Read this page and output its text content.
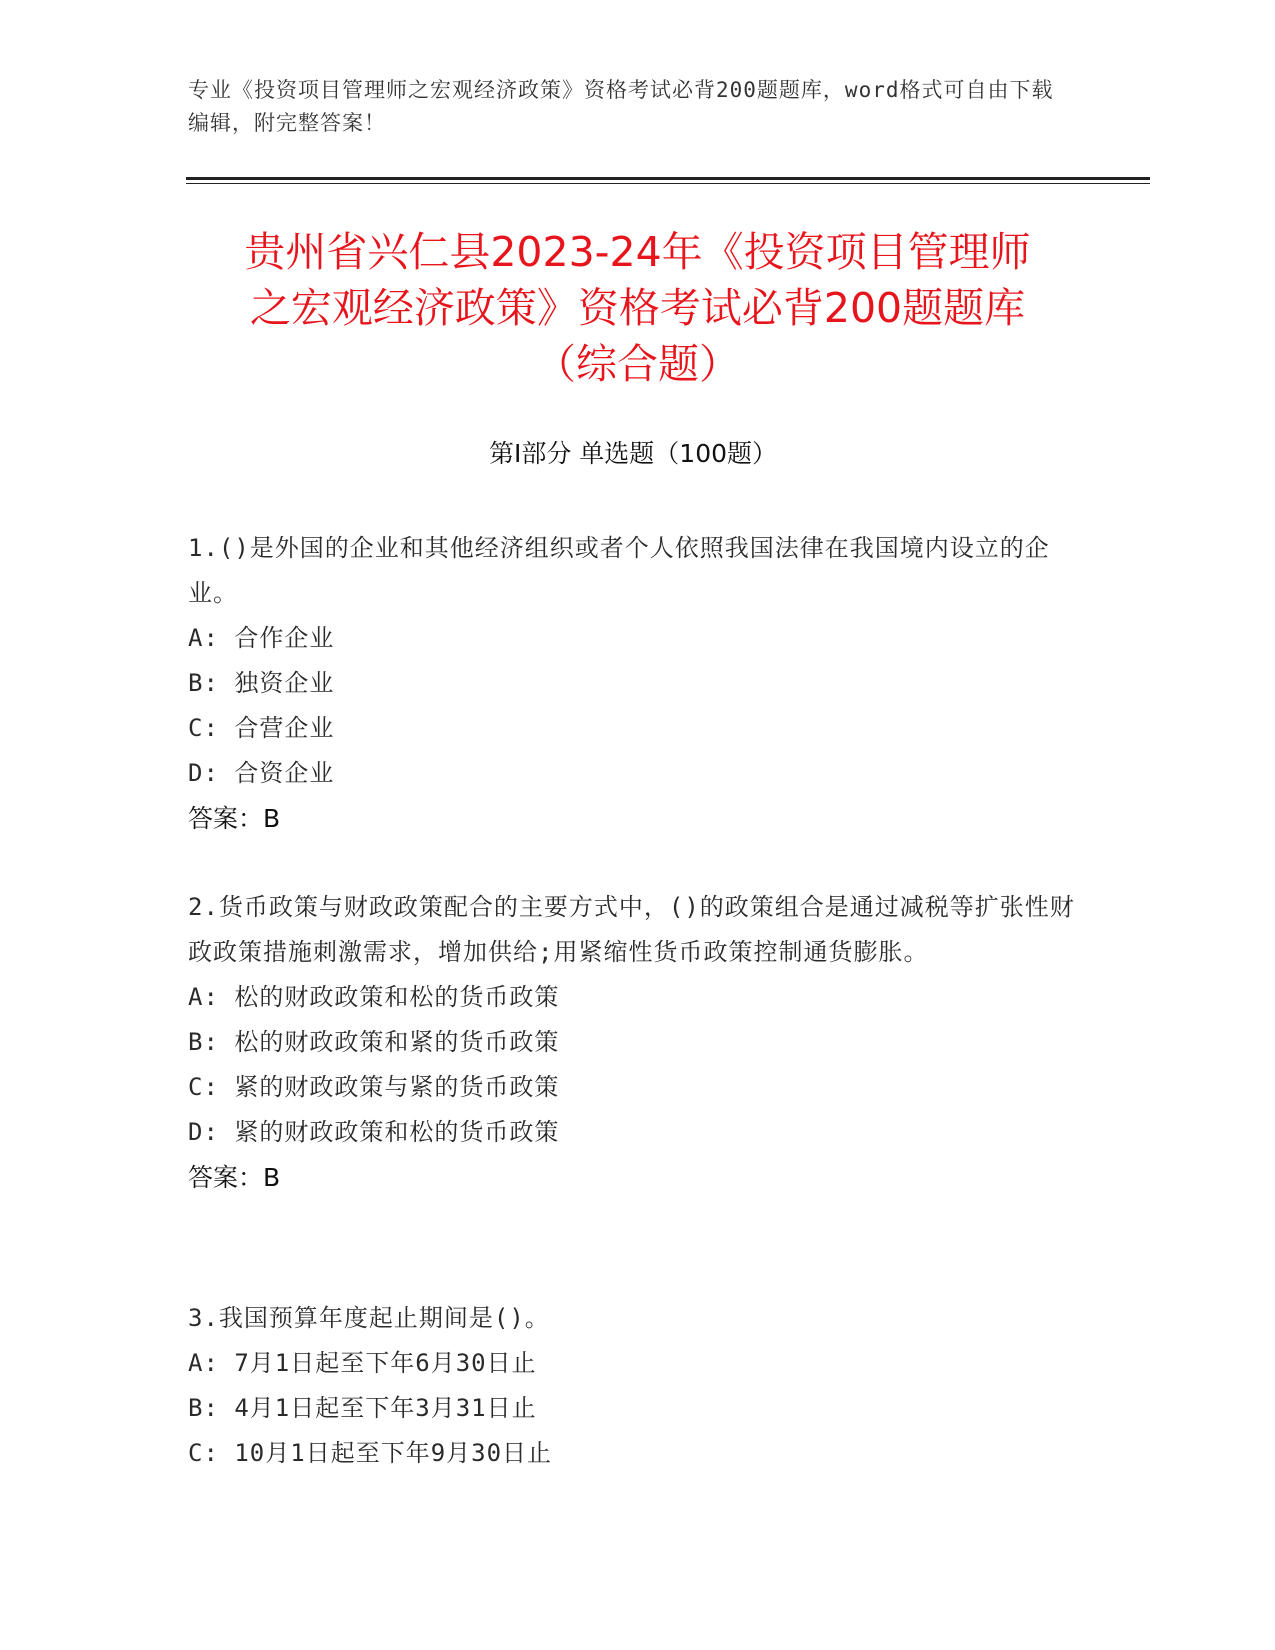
专业《投资项目管理师之宏观经济政策》资格考试必背200题题库，word格式可自由下载编辑，附完整答案！
贵州省兴仁县2023-24年《投资项目管理师
之宏观经济政策》资格考试必背200题题库
（综合题）
第I部分 单选题（100题）
1.()是外国的企业和其他经济组织或者个人依照我国法律在我国境内设立的企业。
A: 合作企业
B: 独资企业
C: 合营企业
D: 合资企业
答案：B
2.货币政策与财政政策配合的主要方式中，()的政策组合是通过减税等扩张性财政政策措施刺激需求，增加供给;用紧缩性货币政策控制通货膨胀。
A: 松的财政政策和松的货币政策
B: 松的财政政策和紧的货币政策
C: 紧的财政政策与紧的货币政策
D: 紧的财政政策和松的货币政策
答案：B
3.我国预算年度起止期间是()。
A: 7月1日起至下年6月30日止
B: 4月1日起至下年3月31日止
C: 10月1日起至下年9月30日止
